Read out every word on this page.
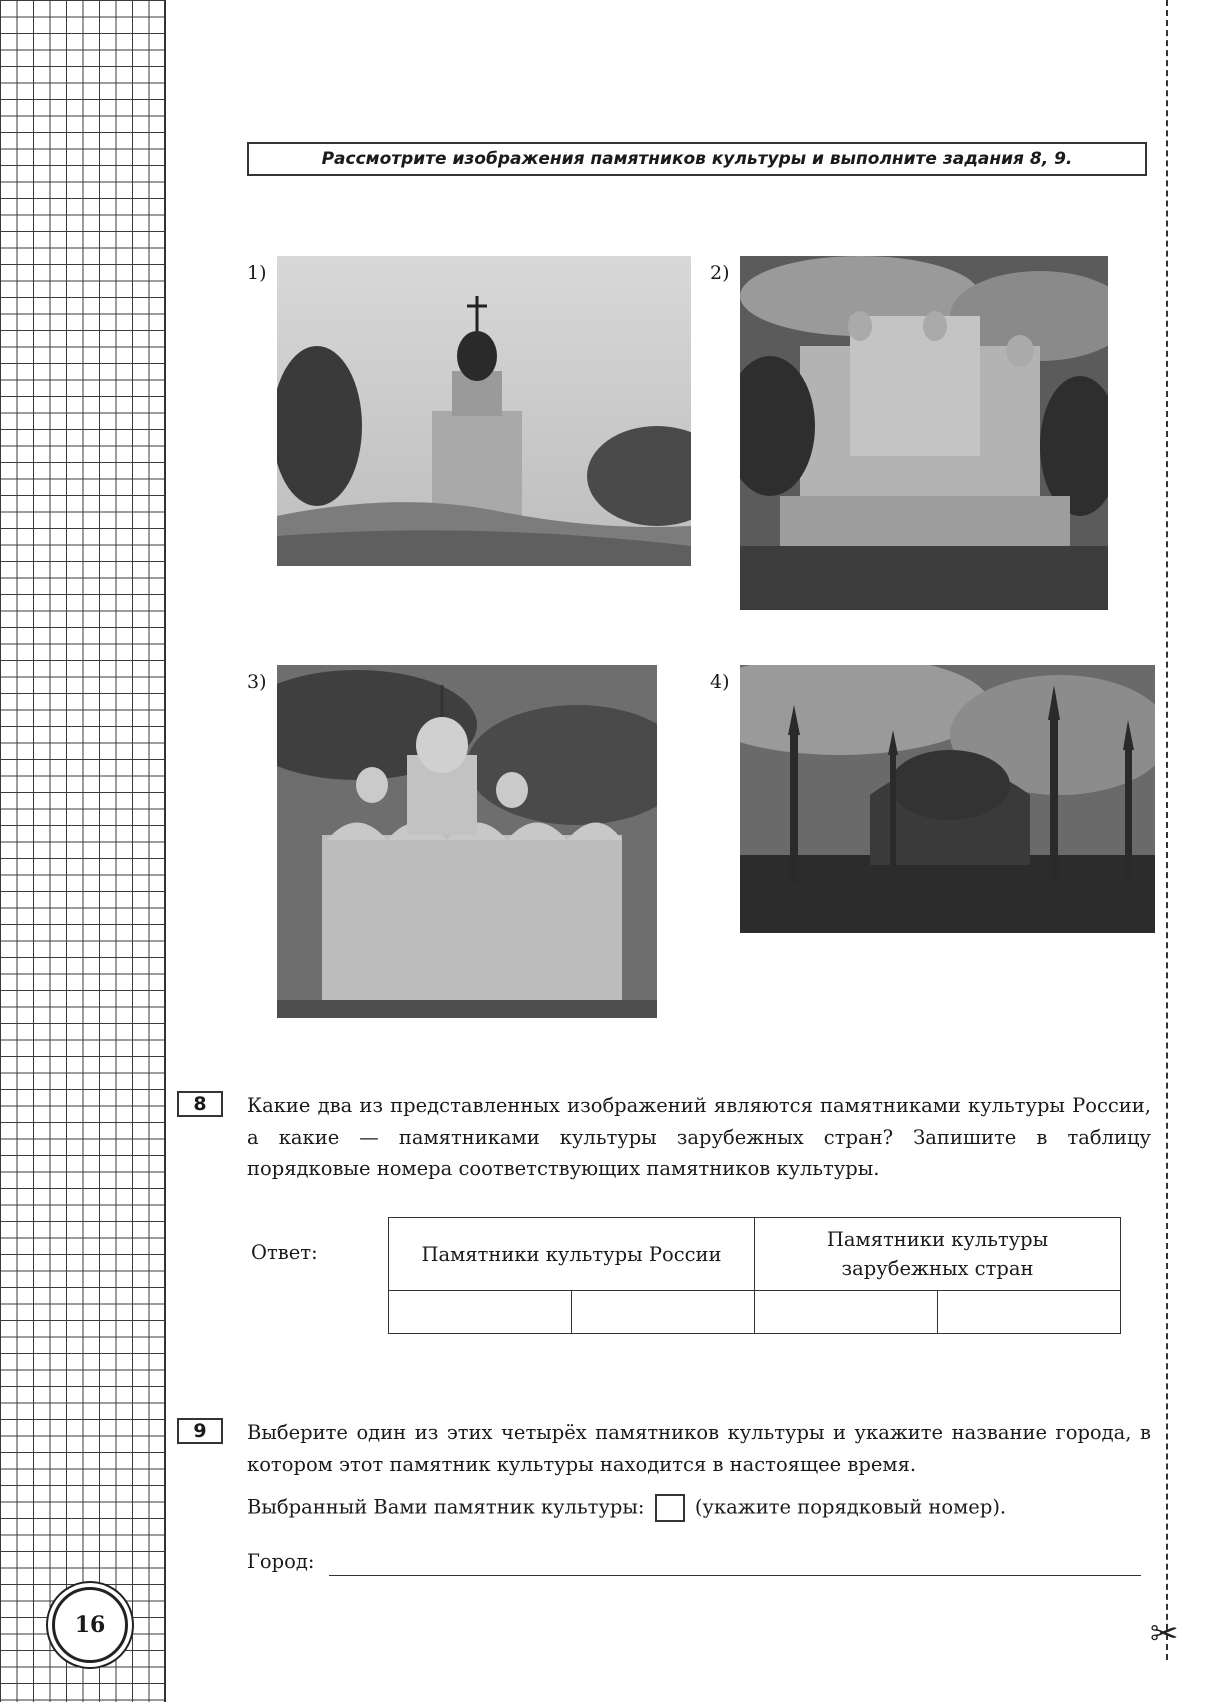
16	✂
Рассмотрите изображения памятников культуры и выполните задания 8, 9.
1)	2)
3)	4)
8	Какие два из представленных изображений являются памятниками культуры России, а какие — памятниками культуры зарубежных стран? Запишите в таблицу порядковые номера соответствующих памятников культуры.
Ответ:	Памятники культуры России		Памятники культуры зарубежных стран	

9	Выберите один из этих четырёх памятников культуры и укажите название города, в котором этот памятник культуры находится в настоящее время.
Выбранный Вами памятник культуры:	(укажите порядковый номер).
Город:
